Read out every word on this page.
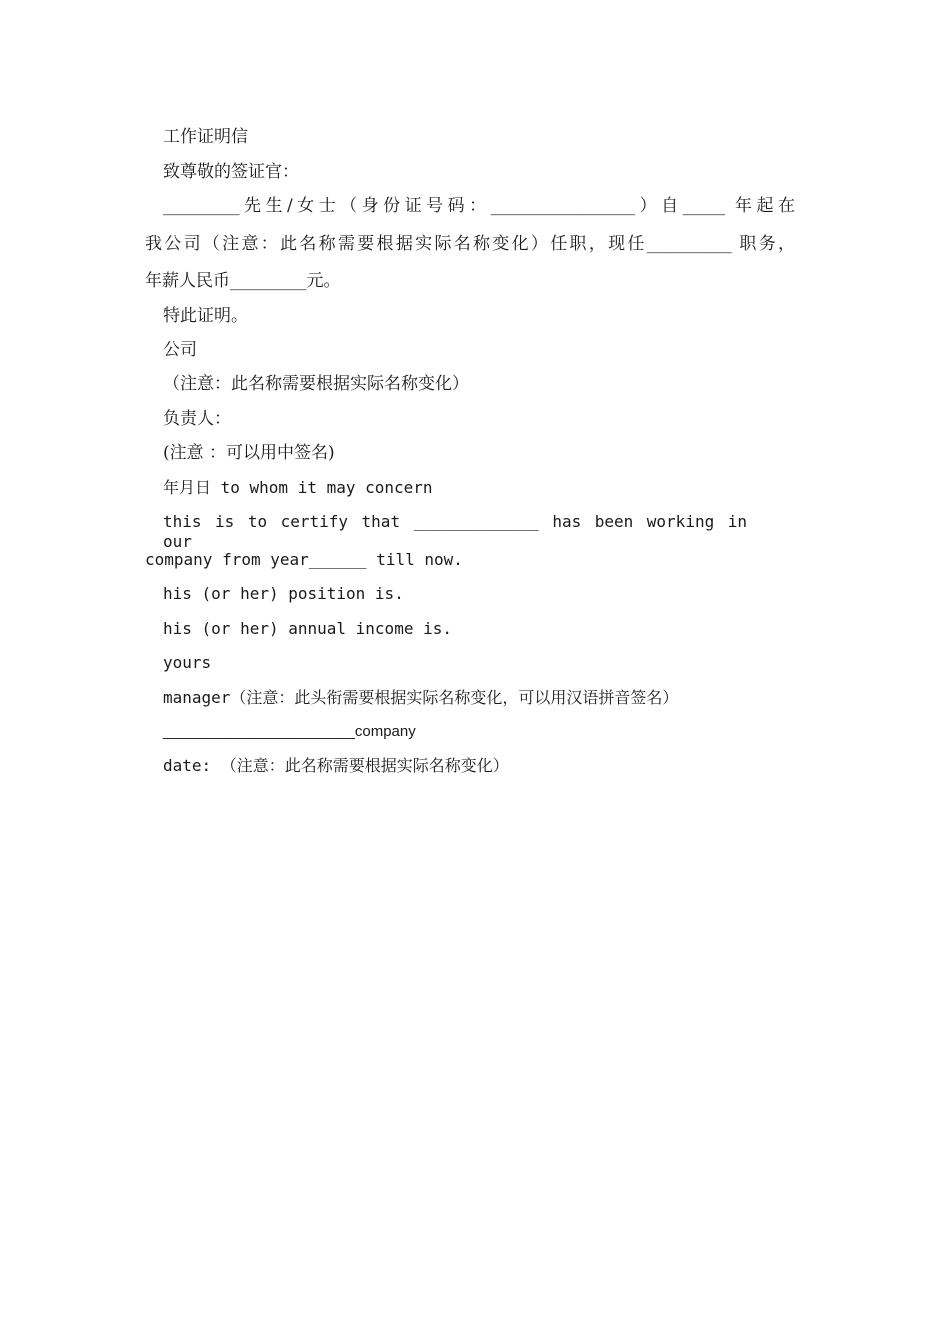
工作证明信
致尊敬的签证官：
_________先生/女士（身份证号码：_________________）自_____ 年起在
我公司（注意：此名称需要根据实际名称变化）任职，现任__________ 职务，
年薪人民币_________元。
特此证明。
公司
（注意：此名称需要根据实际名称变化）
负责人：
(注意 ：可以用中签名)
年月日 to whom it may concern
this is to certify that _____________ has been working in our
company from year______ till now.
his (or her) position is.
his (or her) annual income is.
yours
manager（注意：此头衔需要根据实际名称变化，可以用汉语拼音签名）
_______________________company
date: （注意：此名称需要根据实际名称变化）
